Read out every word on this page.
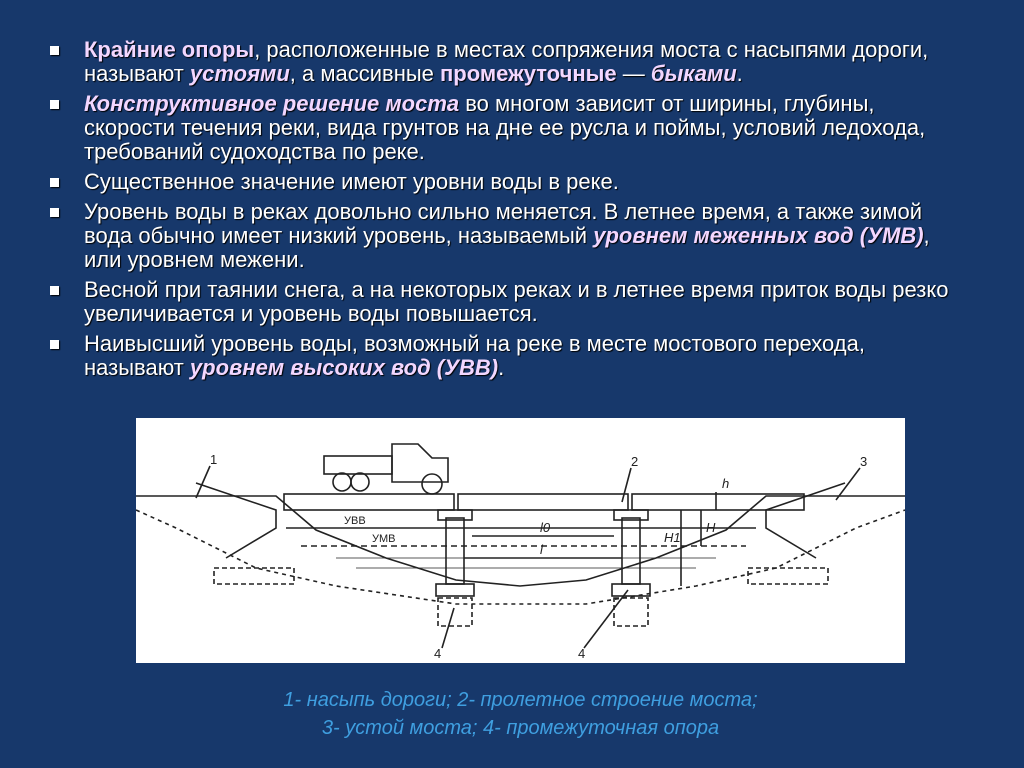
Крайние опоры, расположенные в местах сопряжения моста с насыпями дороги, называют устоями, а массивные промежуточные — быками.
Конструктивное решение моста во многом зависит от ширины, глубины, скорости течения реки, вида грунтов на дне ее русла и поймы, условий ледохода, требований судоходства по реке.
Существенное значение имеют уровни воды в реке.
Уровень воды в реках довольно сильно меняется. В летнее время, а также зимой вода обычно имеет низкий уровень, называемый уровнем меженных вод (УМВ), или уровнем межени.
Весной при таянии снега, а на некоторых реках и в летнее время приток воды резко увеличивается и уровень воды повышается.
Наивысший уровень воды, возможный на реке в месте мостового перехода, называют уровнем высоких вод (УВВ).
1	2	3
4	4
УВВ
УМВ
l0
l
h
H1
H
1- насыпь дороги; 2- пролетное строение моста;
3- устой моста; 4- промежуточная опора
